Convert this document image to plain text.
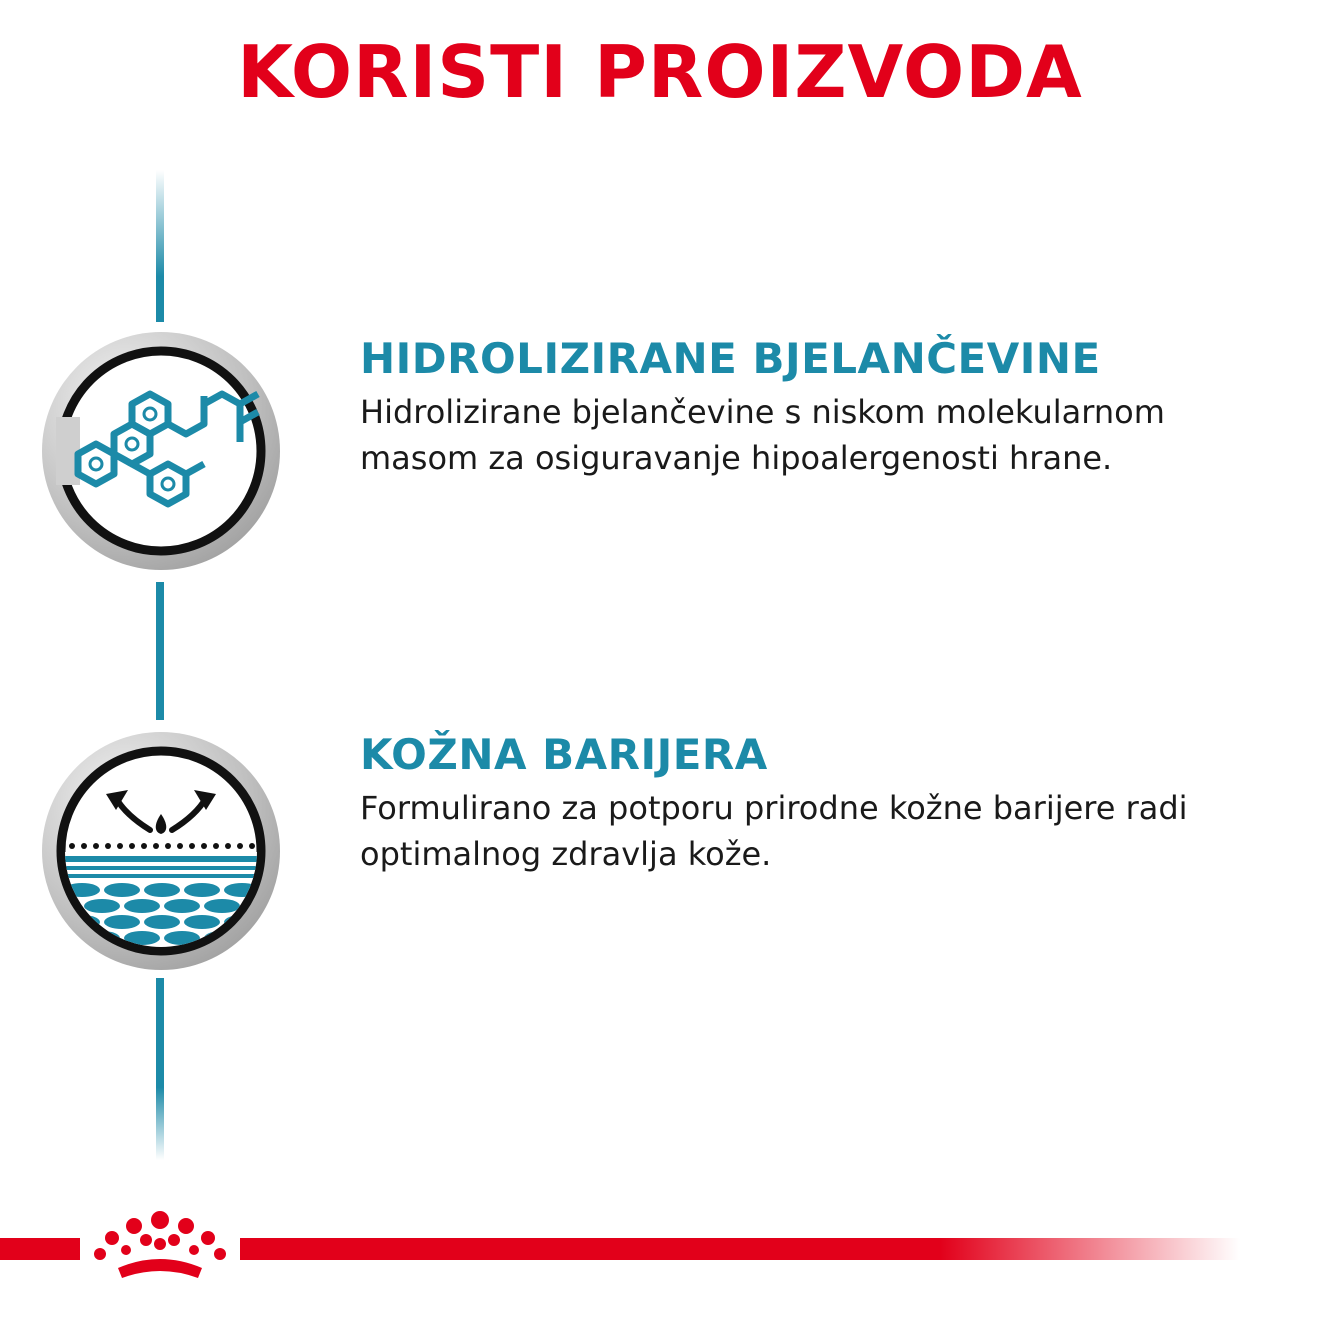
KORISTI PROIZVODA
HIDROLIZIRANE BJELANČEVINE

Hidrolizirane bjelančevine s niskom molekularnom
masom za osiguravanje hipoalergenosti hrane.

KOŽNA BARIJERA

Formulirano za potporu prirodne kožne barijere radi
optimalnog zdravlja kože.
